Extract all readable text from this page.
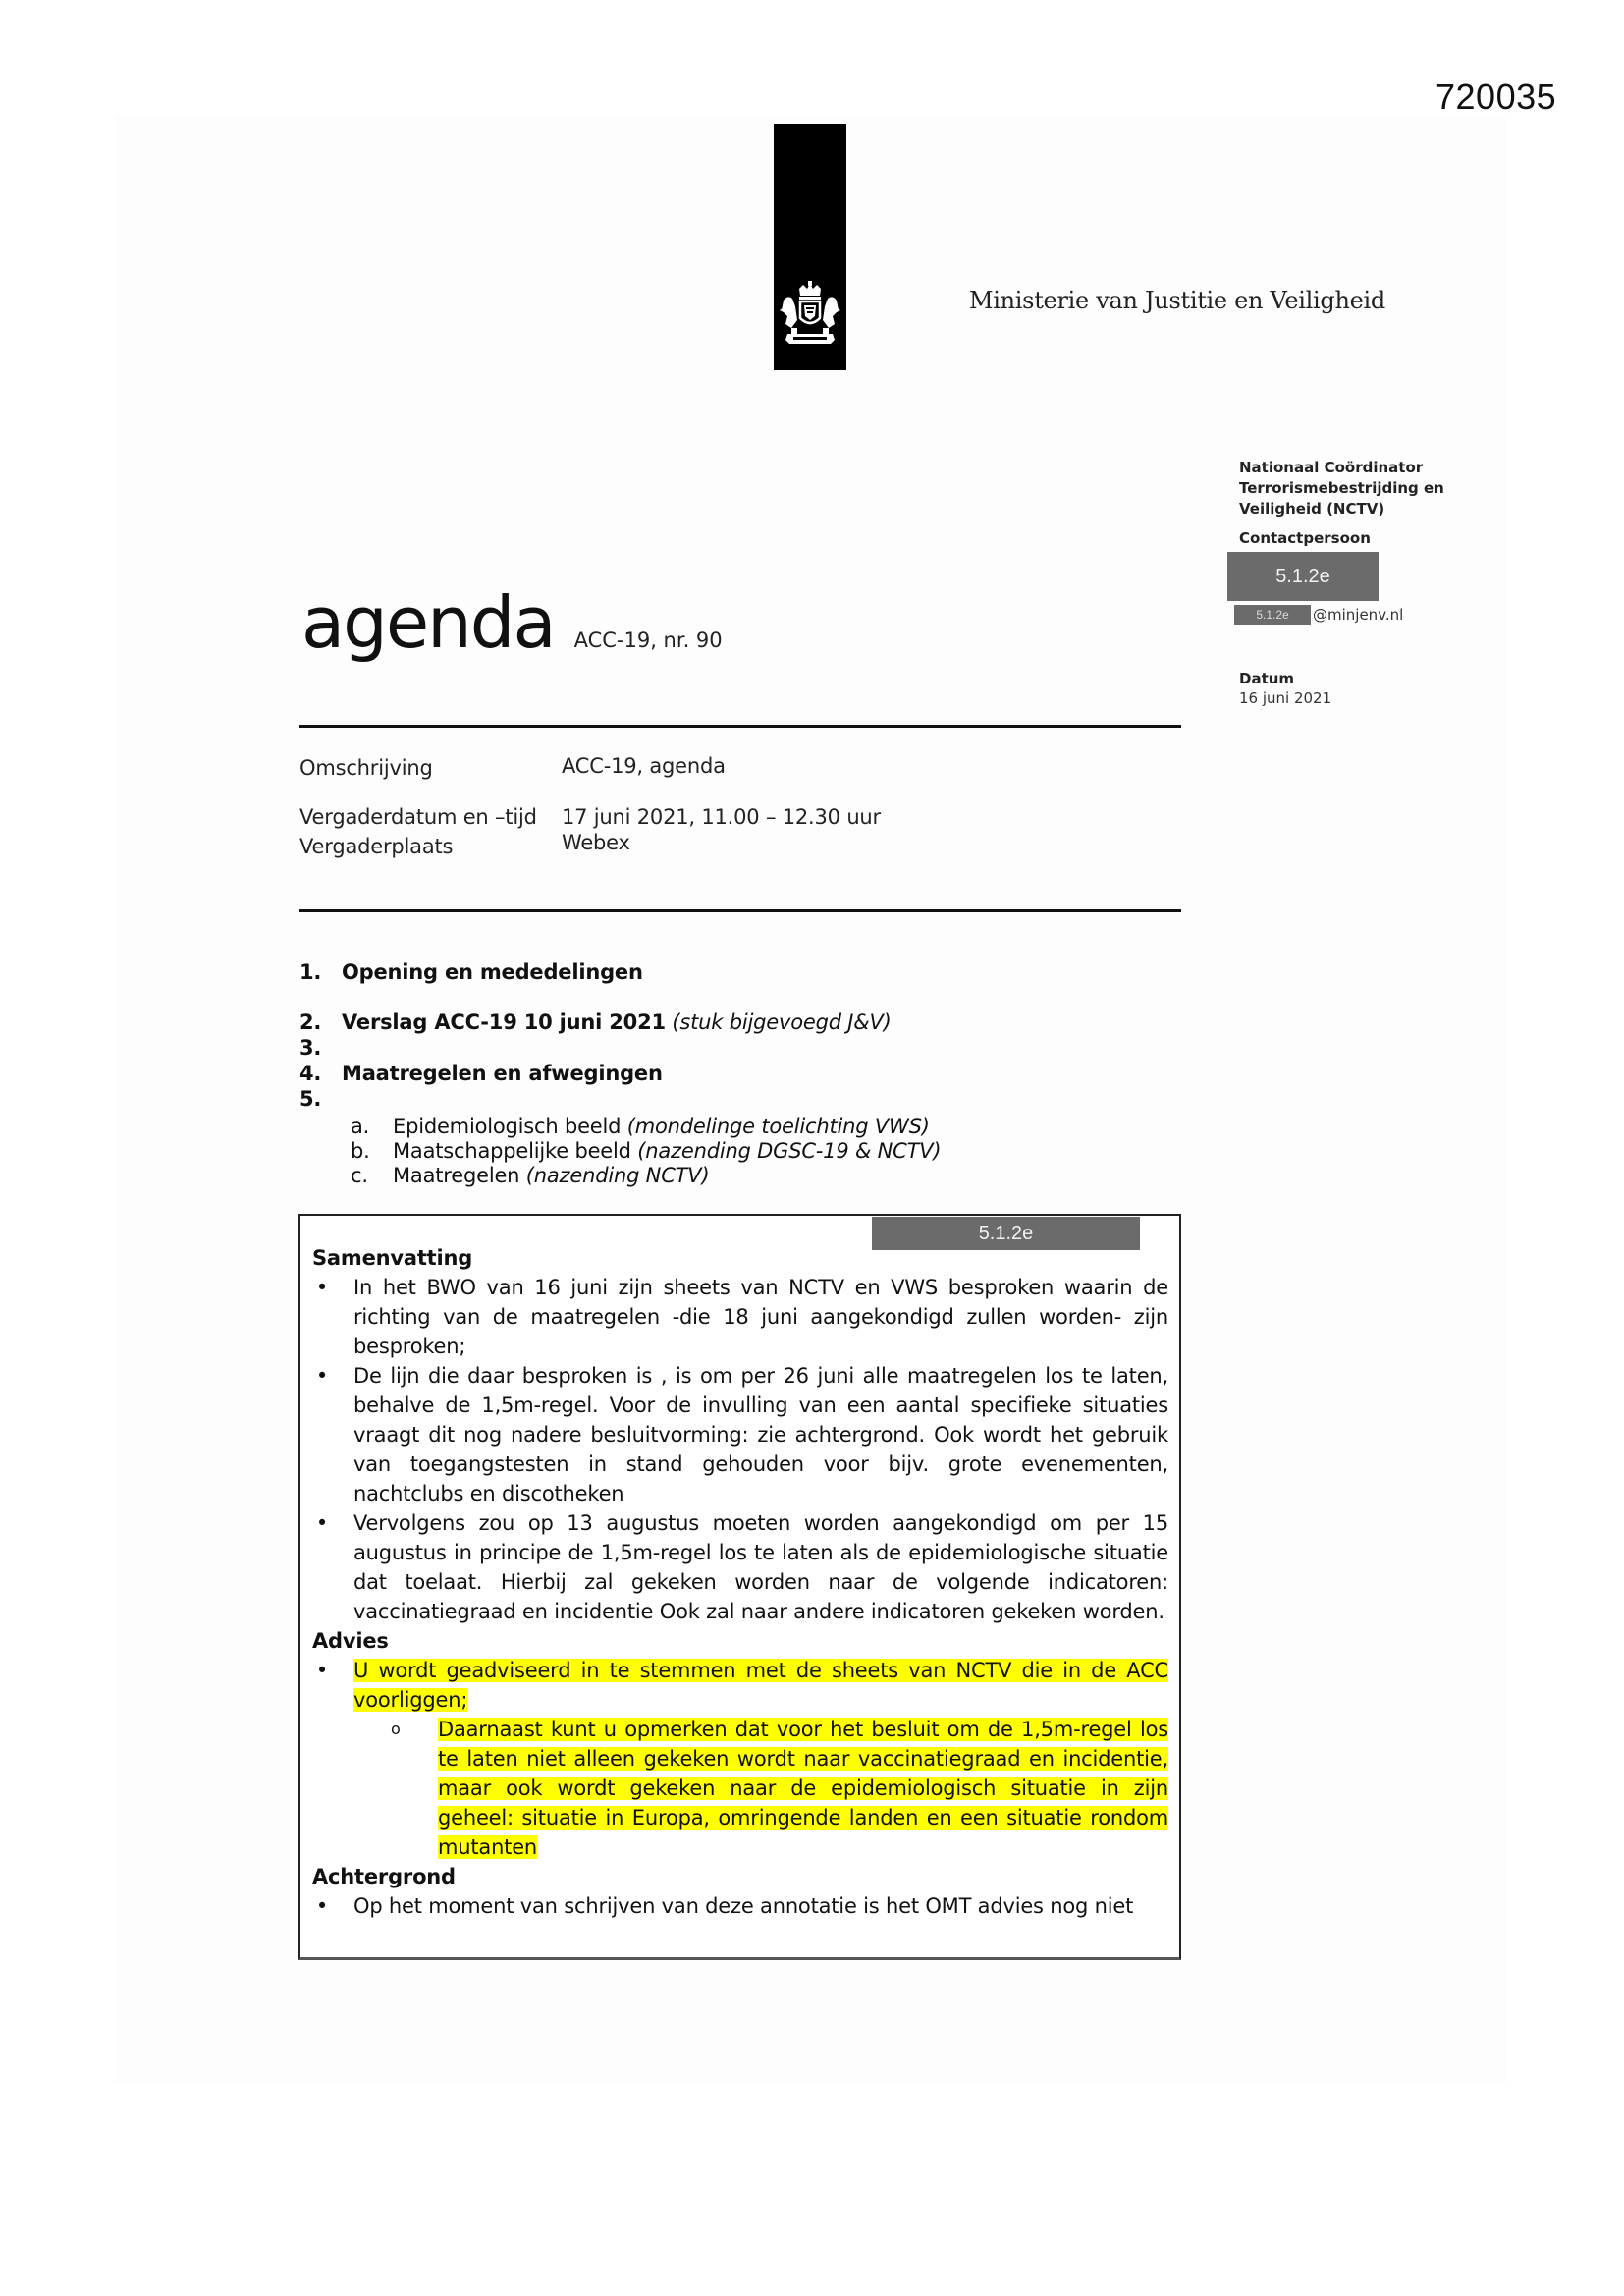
720035
Ministerie van Justitie en Veiligheid
Nationaal Coördinator
Terrorismebestrijding en
Veiligheid (NCTV)
Contactpersoon
5.1.2e
5.1.2e	@minjenv.nl
Datum
16 juni 2021
agenda ACC-19, nr. 90
Omschrijving	ACC-19, agenda
Vergaderdatum en –tijd 17 juni 2021, 11.00 – 12.30 uur
Vergaderplaats	Webex
1. Opening en mededelingen
2. Verslag ACC-19 10 juni 2021 (stuk bijgevoegd J&V)
3.
4. Maatregelen en afwegingen
5.
a. Epidemiologisch beeld (mondelinge toelichting VWS)
b. Maatschappelijke beeld (nazending DGSC-19 & NCTV)
c. Maatregelen (nazending NCTV)
5.1.2e
Samenvatting
• In het BWO van 16 juni zijn sheets van NCTV en VWS besproken waarin de richting van de maatregelen -die 18 juni aangekondigd zullen worden- zijn besproken;
• De lijn die daar besproken is , is om per 26 juni alle maatregelen los te laten, behalve de 1,5m-regel. Voor de invulling van een aantal specifieke situaties vraagt dit nog nadere besluitvorming: zie achtergrond. Ook wordt het gebruik van toegangstesten in stand gehouden voor bijv. grote evenementen, nachtclubs en discotheken
• Vervolgens zou op 13 augustus moeten worden aangekondigd om per 15 augustus in principe de 1,5m-regel los te laten als de epidemiologische situatie dat toelaat. Hierbij zal gekeken worden naar de volgende indicatoren: vaccinatiegraad en incidentie Ook zal naar andere indicatoren gekeken worden.
Advies
• U wordt geadviseerd in te stemmen met de sheets van NCTV die in de ACC voorliggen;
o Daarnaast kunt u opmerken dat voor het besluit om de 1,5m-regel los te laten niet alleen gekeken wordt naar vaccinatiegraad en incidentie, maar ook wordt gekeken naar de epidemiologisch situatie in zijn geheel: situatie in Europa, omringende landen en een situatie rondom mutanten
Achtergrond
• Op het moment van schrijven van deze annotatie is het OMT advies nog niet
